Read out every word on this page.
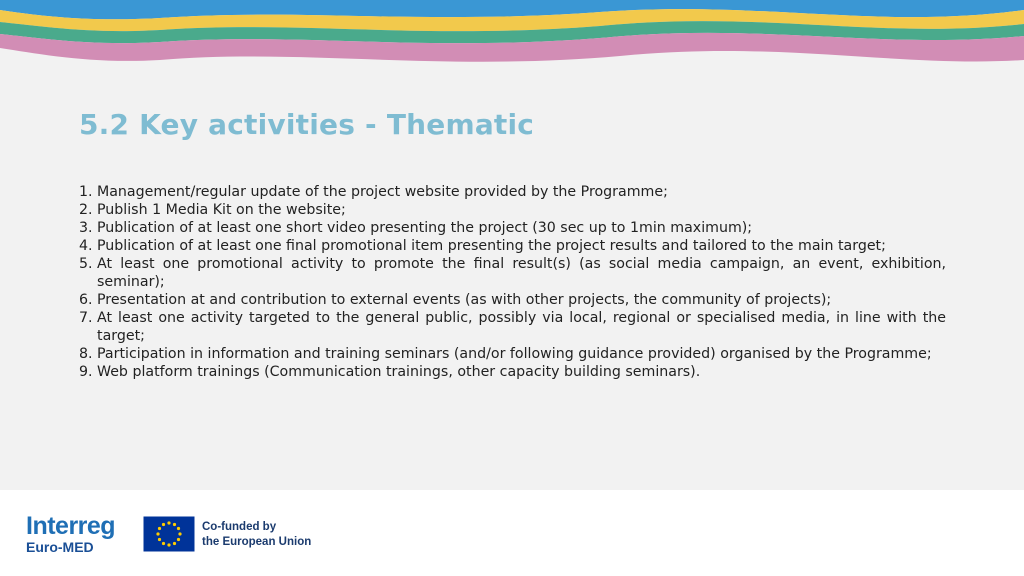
5.2 Key activities - Thematic
1. Management/regular update of the project website provided by the Programme;
2. Publish 1 Media Kit on the website;
3. Publication of at least one short video presenting the project (30 sec up to 1min maximum);
4. Publication of at least one final promotional item presenting the project results and tailored to the main target;
5. At least one promotional activity to promote the final result(s) (as social media campaign, an event, exhibition, seminar);
6. Presentation at and contribution to external events (as with other projects, the community of projects);
7. At least one activity targeted to the general public, possibly via local, regional or specialised media, in line with the target;
8. Participation in information and training seminars (and/or following guidance provided) organised by the Programme;
9. Web platform trainings (Communication trainings, other capacity building seminars).
Interreg
Euro-MED
Co-funded by
the European Union
